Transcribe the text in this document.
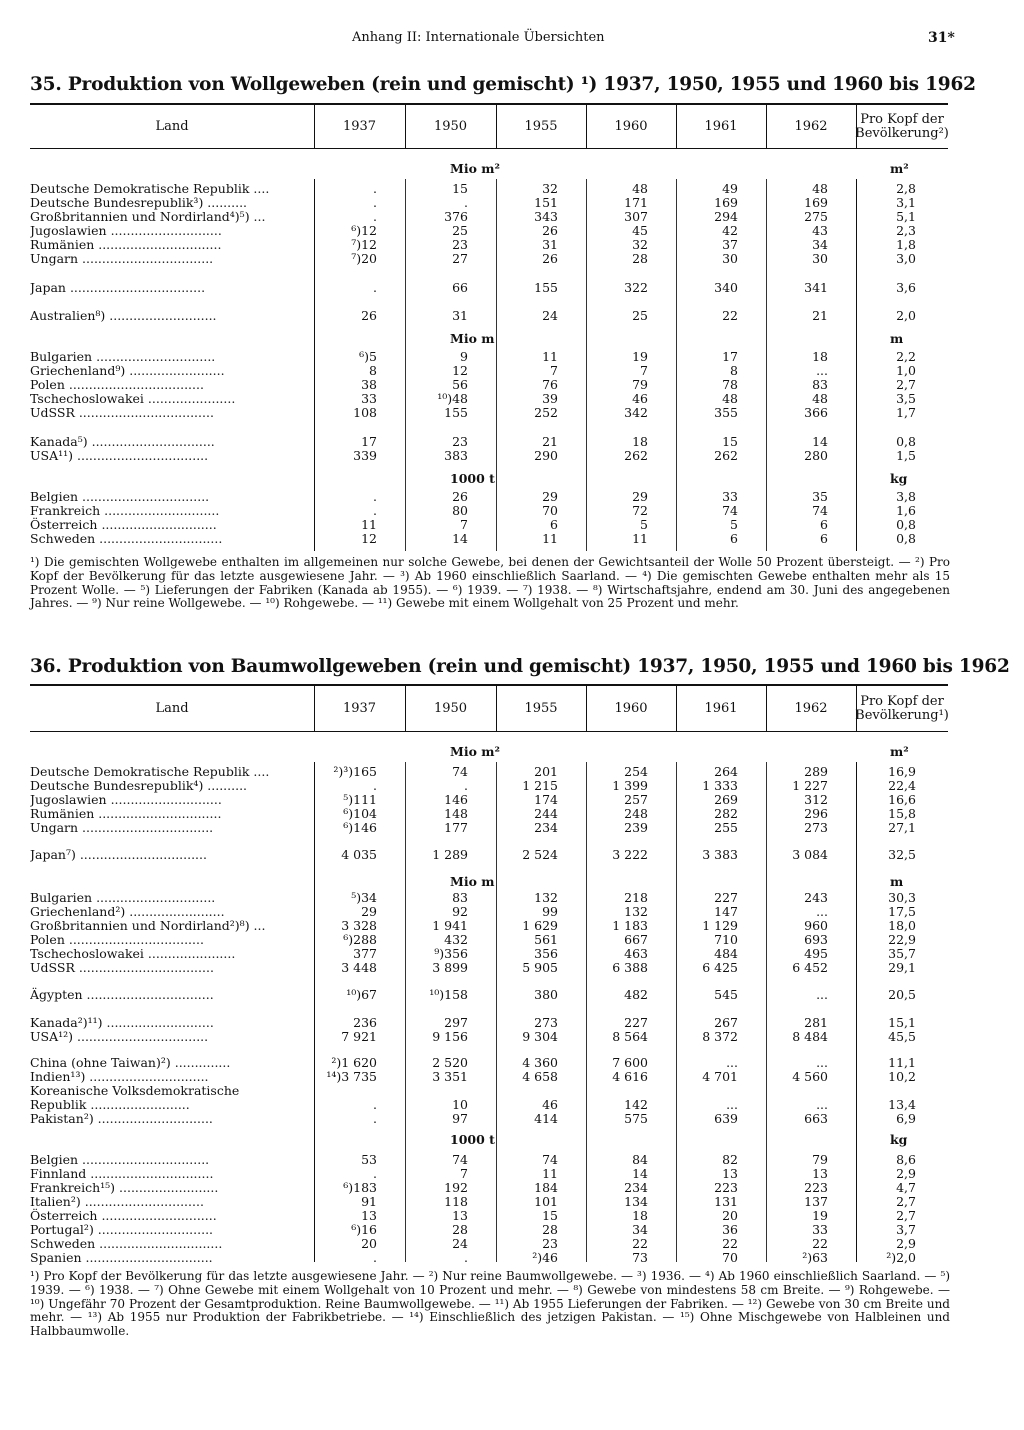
Anhang II: Internationale Übersichten	31*
35. Produktion von Wollgeweben (rein und gemischt) ¹) 1937, 1950, 1955 und 1960 bis 1962
Land	1937	1950	1955	1960	1961	1962	Pro Kopf der Bevölkerung²)
Mio m²	m²
Mio m	m
1000 t	kg
Deutsche Demokratische Republik ....	.	15	32	48	49	48	2,8
Deutsche Bundesrepublik³) ..........	.	.	151	171	169	169	3,1
Großbritannien und Nordirland⁴)⁵) ...	.	376	343	307	294	275	5,1
Jugoslawien ............................	⁶)12	25	26	45	42	43	2,3
Rumänien ...............................	⁷)12	23	31	32	37	34	1,8
Ungarn .................................	⁷)20	27	26	28	30	30	3,0
Japan ..................................	.	66	155	322	340	341	3,6
Australien⁸) ...........................	26	31	24	25	22	21	2,0
Bulgarien ..............................	⁶)5	9	11	19	17	18	2,2
Griechenland⁹) ........................	8	12	7	7	8	...	1,0
Polen ..................................	38	56	76	79	78	83	2,7
Tschechoslowakei ......................	33	¹⁰)48	39	46	48	48	3,5
UdSSR ..................................	108	155	252	342	355	366	1,7
Kanada⁵) ...............................	17	23	21	18	15	14	0,8
USA¹¹) .................................	339	383	290	262	262	280	1,5
Belgien ................................	.	26	29	29	33	35	3,8
Frankreich .............................	.	80	70	72	74	74	1,6
Österreich .............................	11	7	6	5	5	6	0,8
Schweden ...............................	12	14	11	11	6	6	0,8

¹) Die gemischten Wollgewebe enthalten im allgemeinen nur solche Gewebe, bei denen der Gewichtsanteil der Wolle 50 Prozent übersteigt. — ²) Pro Kopf der Bevölkerung für das letzte ausgewiesene Jahr. — ³) Ab 1960 einschließlich Saarland. — ⁴) Die gemischten Gewebe enthalten mehr als 15 Prozent Wolle. — ⁵) Lieferungen der Fabriken (Kanada ab 1955). — ⁶) 1939. — ⁷) 1938. — ⁸) Wirtschaftsjahre, endend am 30. Juni des angegebenen Jahres. — ⁹) Nur reine Wollgewebe. — ¹⁰) Rohgewebe. — ¹¹) Gewebe mit einem Wollgehalt von 25 Prozent und mehr.

36. Produktion von Baumwollgeweben (rein und gemischt) 1937, 1950, 1955 und 1960 bis 1962
Land	1937	1950	1955	1960	1961	1962	Pro Kopf der Bevölkerung¹)
Mio m²	m²
Mio m	m
1000 t	kg
Deutsche Demokratische Republik ....	²)³)165	74	201	254	264	289	16,9
Deutsche Bundesrepublik⁴) ..........	.	.	1 215	1 399	1 333	1 227	22,4
Jugoslawien ............................	⁵)111	146	174	257	269	312	16,6
Rumänien ...............................	⁶)104	148	244	248	282	296	15,8
Ungarn .................................	⁶)146	177	234	239	255	273	27,1
Japan⁷) ................................	4 035	1 289	2 524	3 222	3 383	3 084	32,5
Bulgarien ..............................	⁵)34	83	132	218	227	243	30,3
Griechenland²) ........................	29	92	99	132	147	...	17,5
Großbritannien und Nordirland²)⁸) ...	3 328	1 941	1 629	1 183	1 129	960	18,0
Polen ..................................	⁶)288	432	561	667	710	693	22,9
Tschechoslowakei ......................	377	⁹)356	356	463	484	495	35,7
UdSSR ..................................	3 448	3 899	5 905	6 388	6 425	6 452	29,1
Ägypten ................................	¹⁰)67	¹⁰)158	380	482	545	...	20,5
Kanada²)¹¹) ...........................	236	297	273	227	267	281	15,1
USA¹²) .................................	7 921	9 156	9 304	8 564	8 372	8 484	45,5
China (ohne Taiwan)²) ..............	²)1 620	2 520	4 360	7 600	...	...	11,1
Indien¹³) ..............................	¹⁴)3 735	3 351	4 658	4 616	4 701	4 560	10,2
Koreanische Volksdemokratische
Republik .........................	.	10	46	142	...	...	13,4
Pakistan²) .............................	.	97	414	575	639	663	6,9
Belgien ................................	53	74	74	84	82	79	8,6
Finnland ...............................	.	7	11	14	13	13	2,9
Frankreich¹⁵) .........................	⁶)183	192	184	234	223	223	4,7
Italien²) ..............................	91	118	101	134	131	137	2,7
Österreich .............................	13	13	15	18	20	19	2,7
Portugal²) .............................	⁶)16	28	28	34	36	33	3,7
Schweden ...............................	20	24	23	22	22	22	2,9
Spanien ................................	.	.	²)46	73	70	²)63	²)2,0

¹) Pro Kopf der Bevölkerung für das letzte ausgewiesene Jahr. — ²) Nur reine Baumwollgewebe. — ³) 1936. — ⁴) Ab 1960 einschließlich Saarland. — ⁵) 1939. — ⁶) 1938. — ⁷) Ohne Gewebe mit einem Wollgehalt von 10 Prozent und mehr. — ⁸) Gewebe von mindestens 58 cm Breite. — ⁹) Rohgewebe. — ¹⁰) Ungefähr 70 Prozent der Gesamtproduktion. Reine Baumwollgewebe. — ¹¹) Ab 1955 Lieferungen der Fabriken. — ¹²) Gewebe von 30 cm Breite und mehr. — ¹³) Ab 1955 nur Produktion der Fabrikbetriebe. — ¹⁴) Einschließlich des jetzigen Pakistan. — ¹⁵) Ohne Mischgewebe von Halbleinen und Halbbaumwolle.
